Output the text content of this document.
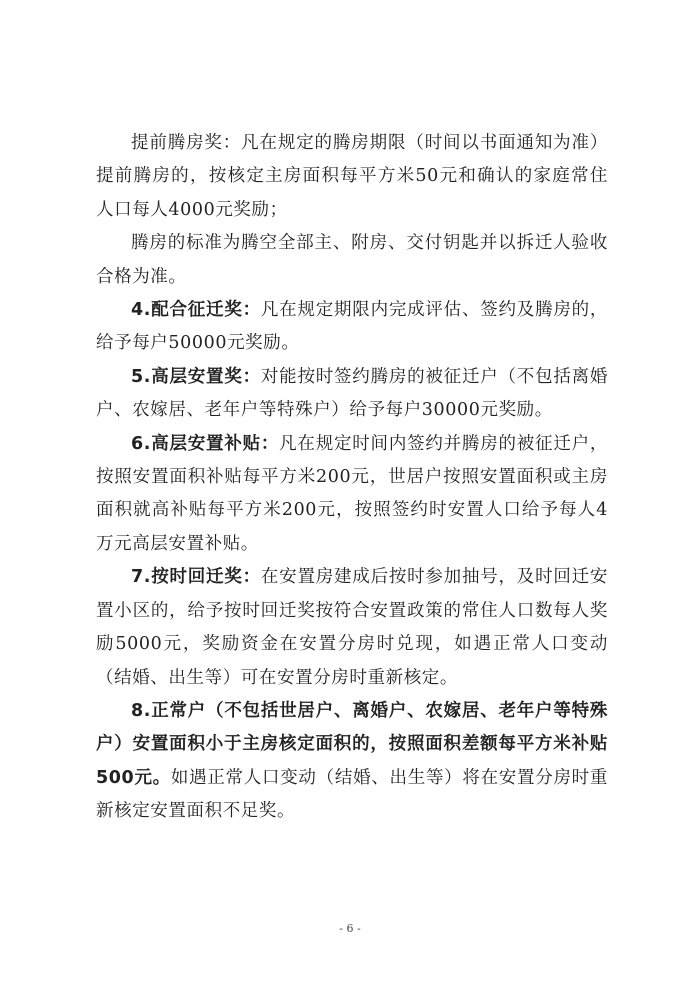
提前腾房奖：凡在规定的腾房期限（时间以书面通知为准）提前腾房的，按核定主房面积每平方米50元和确认的家庭常住人口每人4000元奖励；

腾房的标准为腾空全部主、附房、交付钥匙并以拆迁人验收合格为准。

4.配合征迁奖：凡在规定期限内完成评估、签约及腾房的，给予每户50000元奖励。

5.高层安置奖：对能按时签约腾房的被征迁户（不包括离婚户、农嫁居、老年户等特殊户）给予每户30000元奖励。

6.高层安置补贴：凡在规定时间内签约并腾房的被征迁户，按照安置面积补贴每平方米200元，世居户按照安置面积或主房面积就高补贴每平方米200元，按照签约时安置人口给予每人4万元高层安置补贴。

7.按时回迁奖：在安置房建成后按时参加抽号，及时回迁安置小区的，给予按时回迁奖按符合安置政策的常住人口数每人奖励5000元，奖励资金在安置分房时兑现，如遇正常人口变动（结婚、出生等）可在安置分房时重新核定。

8.正常户（不包括世居户、离婚户、农嫁居、老年户等特殊户）安置面积小于主房核定面积的，按照面积差额每平方米补贴500元。如遇正常人口变动（结婚、出生等）将在安置分房时重新核定安置面积不足奖。

- 6 -
